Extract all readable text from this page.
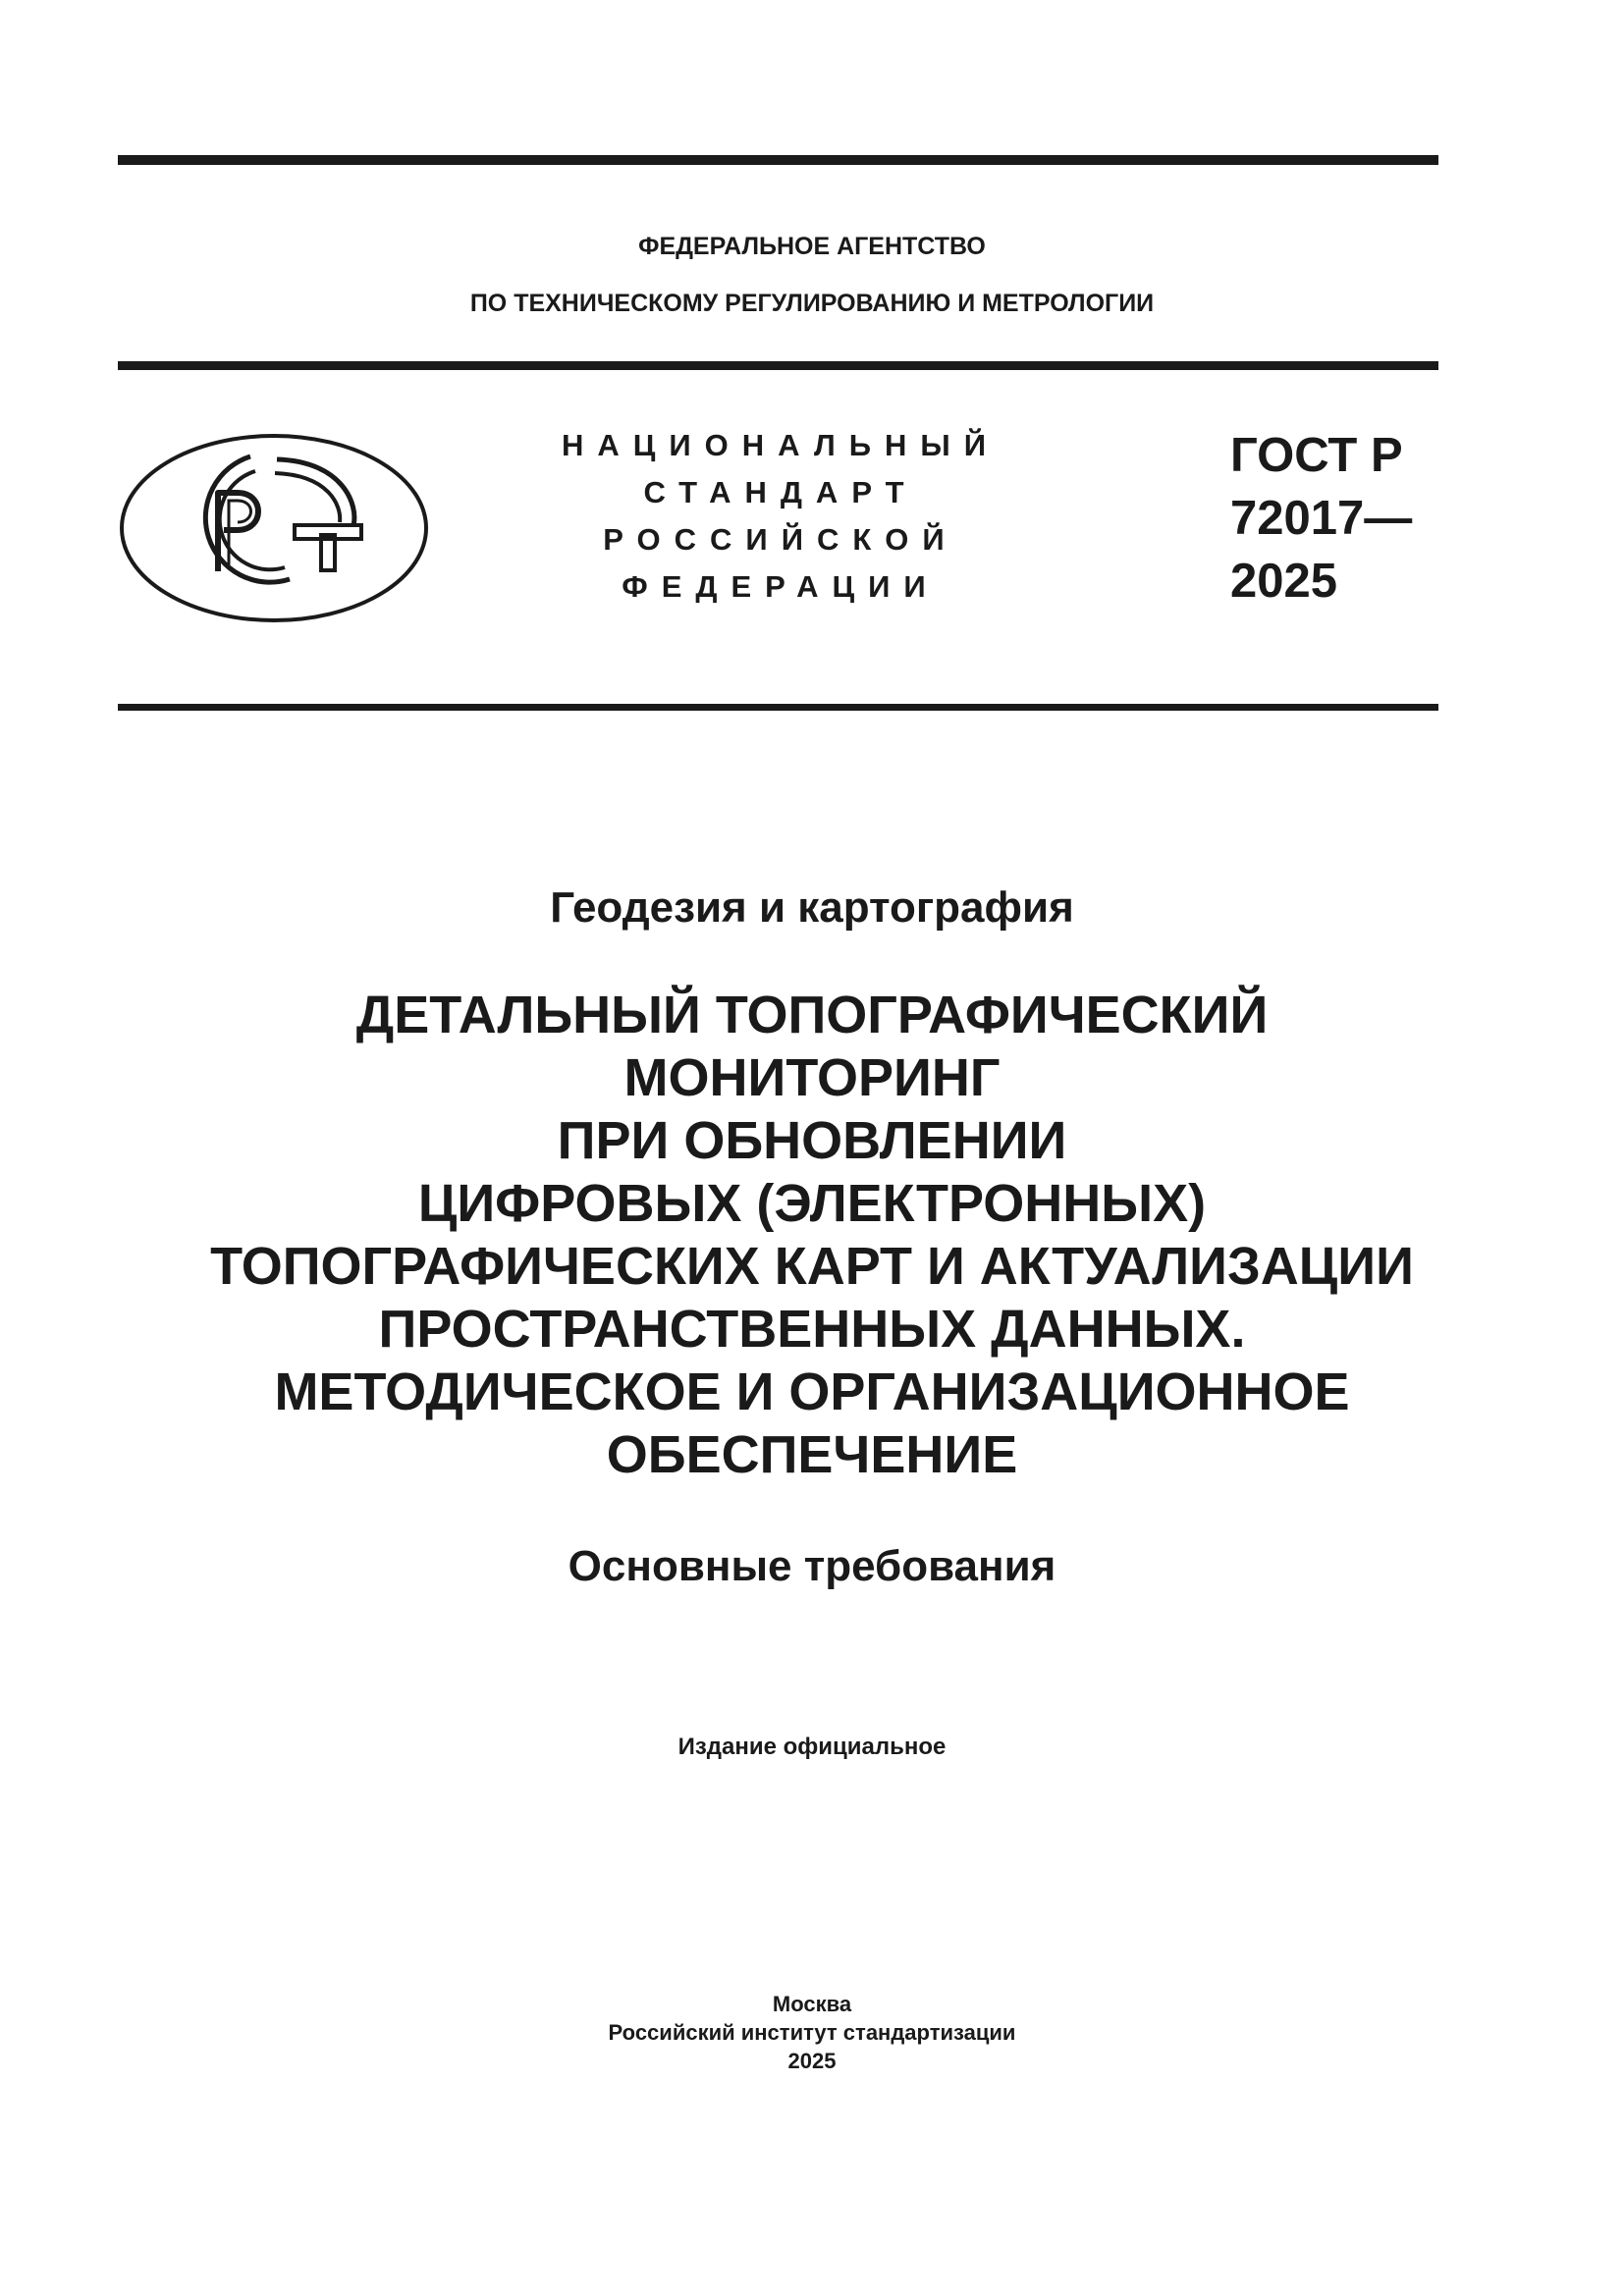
ФЕДЕРАЛЬНОЕ АГЕНТСТВО
ПО ТЕХНИЧЕСКОМУ РЕГУЛИРОВАНИЮ И МЕТРОЛОГИИ
НАЦИОНАЛЬНЫЙ
СТАНДАРТ
РОССИЙСКОЙ
ФЕДЕРАЦИИ
ГОСТ Р
72017—
2025
Геодезия и картография
ДЕТАЛЬНЫЙ ТОПОГРАФИЧЕСКИЙ
МОНИТОРИНГ
ПРИ ОБНОВЛЕНИИ
ЦИФРОВЫХ (ЭЛЕКТРОННЫХ)
ТОПОГРАФИЧЕСКИХ КАРТ И АКТУАЛИЗАЦИИ
ПРОСТРАНСТВЕННЫХ ДАННЫХ.
МЕТОДИЧЕСКОЕ И ОРГАНИЗАЦИОННОЕ
ОБЕСПЕЧЕНИЕ
Основные требования
Издание официальное
Москва
Российский институт стандартизации
2025
